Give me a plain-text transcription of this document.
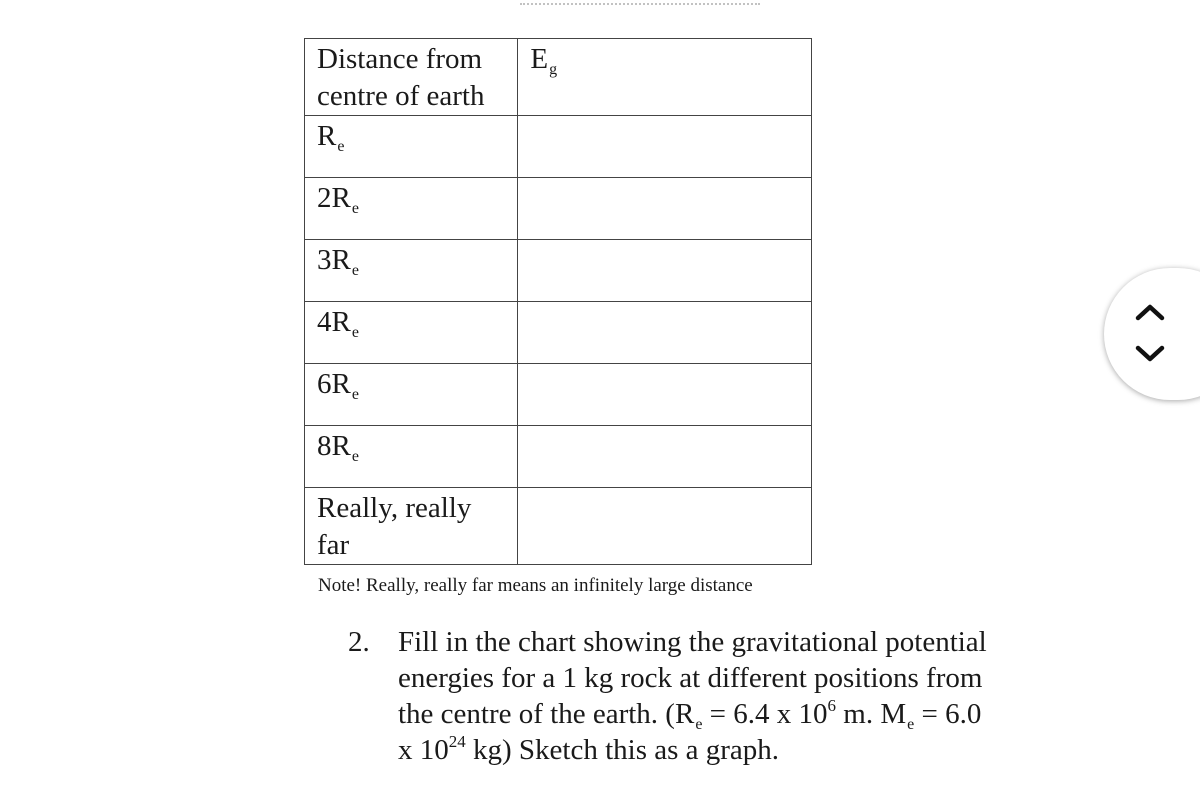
Distance from centre of earth	$E_g$
$R_e$	
$2R_e$	
$3R_e$	
$4R_e$	
$6R_e$	
$8R_e$	
Really, really far	
Note! Really, really far means an infinitely large distance
2. Fill in the chart showing the gravitational potential energies for a 1 kg rock at different positions from the centre of the earth. ($R_e = 6.4$ x $10^6$ m. $M_e = 6.0$ x $10^{24}$ kg) Sketch this as a graph.
